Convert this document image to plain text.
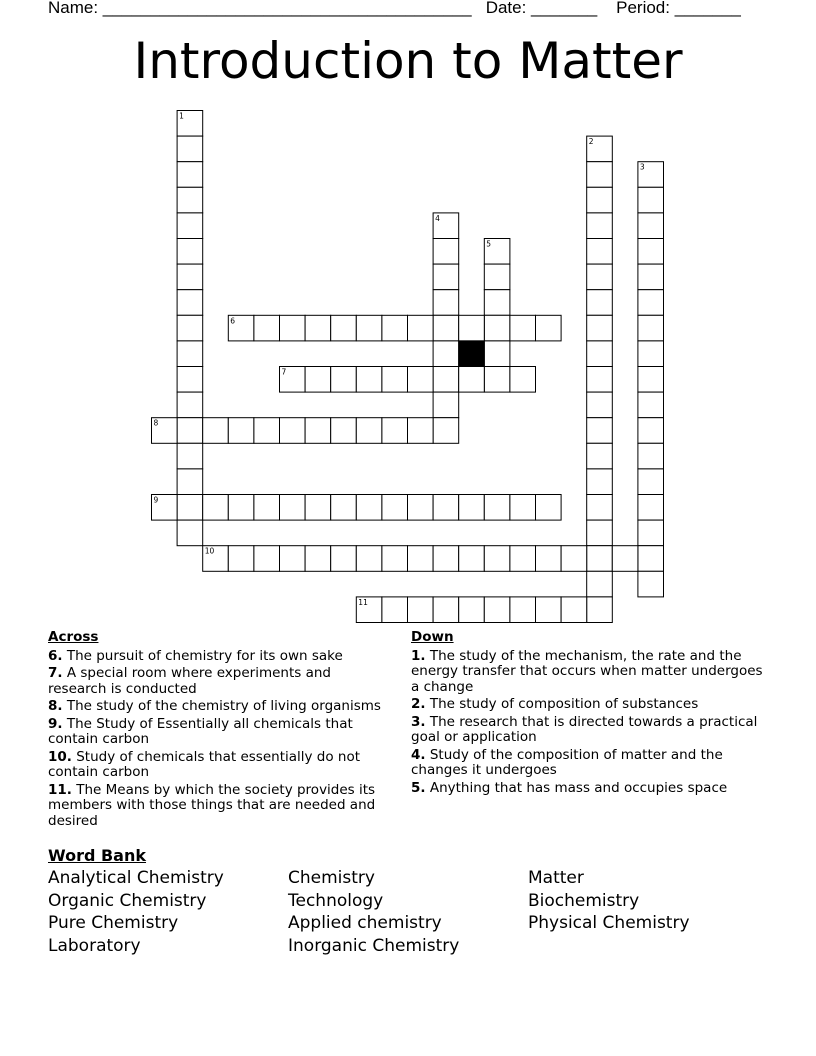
Name: _______________________________________   Date: _______    Period: _______
Introduction to Matter
1
2
3
4
5
6
7
8
9
10
11
Across
6. The pursuit of chemistry for its own sake
7. A special room where experiments and research is conducted
8. The study of the chemistry of living organisms
9. The Study of Essentially all chemicals that contain carbon
10. Study of chemicals that essentially do not contain carbon
11. The Means by which the society provides its members with those things that are needed and desired
Down
1. The study of the mechanism, the rate and the energy transfer that occurs when matter undergoes a change
2. The study of composition of substances
3. The research that is directed towards a practical goal or application
4. Study of the composition of matter and the changes it undergoes
5. Anything that has mass and occupies space
Word Bank
Analytical Chemistry	Chemistry	Matter
Organic Chemistry	Technology	Biochemistry
Pure Chemistry	Applied chemistry	Physical Chemistry
Laboratory	Inorganic Chemistry
